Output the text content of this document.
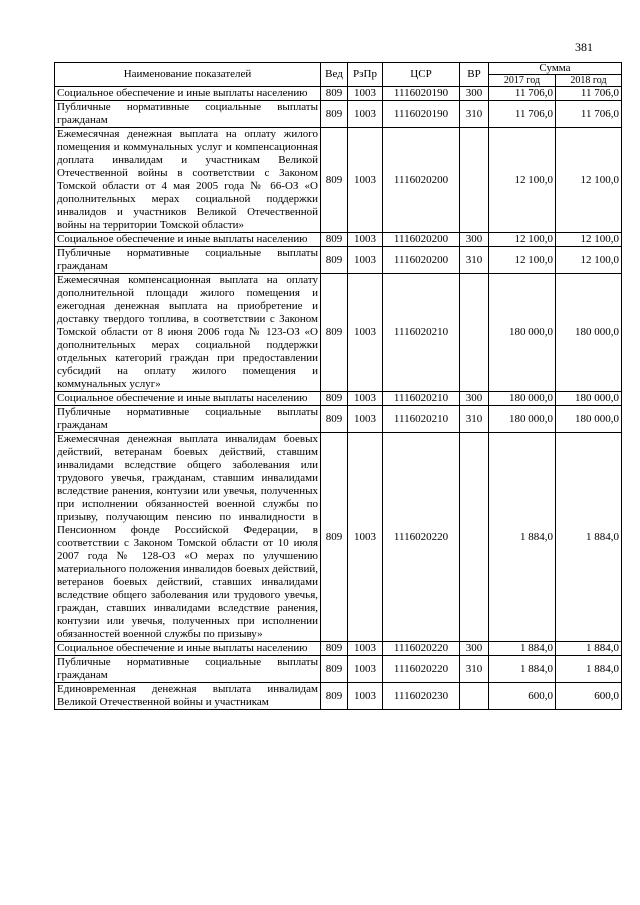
381
Наименование показателей	Вед	РзПр	ЦСР	ВР	Сумма	
					2017 год	2018 год
Социальное обеспечение и иные выплаты населению	809	1003	1116020190	300	11 706,0	11 706,0
Публичные нормативные социальные выплаты гражданам	809	1003	1116020190	310	11 706,0	11 706,0
Ежемесячная денежная выплата на оплату жилого помещения и коммунальных услуг и компенсационная доплата инвалидам и участникам Великой Отечественной войны в соответствии с Законом Томской области от 4 мая 2005 года № 66-ОЗ «О дополнительных мерах социальной поддержки инвалидов и участников Великой Отечественной войны на территории Томской области»	809	1003	1116020200		12 100,0	12 100,0
Социальное обеспечение и иные выплаты населению	809	1003	1116020200	300	12 100,0	12 100,0
Публичные нормативные социальные выплаты гражданам	809	1003	1116020200	310	12 100,0	12 100,0
Ежемесячная компенсационная выплата на оплату дополнительной площади жилого помещения и ежегодная денежная выплата на приобретение и доставку твердого топлива, в соответствии с Законом Томской области от 8 июня 2006 года № 123-ОЗ «О дополнительных мерах социальной поддержки отдельных категорий граждан при предоставлении субсидий на оплату жилого помещения и коммунальных услуг»	809	1003	1116020210		180 000,0	180 000,0
Социальное обеспечение и иные выплаты населению	809	1003	1116020210	300	180 000,0	180 000,0
Публичные нормативные социальные выплаты гражданам	809	1003	1116020210	310	180 000,0	180 000,0
Ежемесячная денежная выплата инвалидам боевых действий, ветеранам боевых действий, ставшим инвалидами вследствие общего заболевания или трудового увечья, гражданам, ставшим инвалидами вследствие ранения, контузии или увечья, полученных при исполнении обязанностей военной службы по призыву, получающим пенсию по инвалидности в Пенсионном фонде Российской Федерации, в соответствии с Законом Томской области от 10 июля 2007 года № 128-ОЗ «О мерах по улучшению материального положения инвалидов боевых действий, ветеранов боевых действий, ставших инвалидами вследствие общего заболевания или трудового увечья, граждан, ставших инвалидами вследствие ранения, контузии или увечья, полученных при исполнении обязанностей военной службы по призыву»	809	1003	1116020220		1 884,0	1 884,0
Социальное обеспечение и иные выплаты населению	809	1003	1116020220	300	1 884,0	1 884,0
Публичные нормативные социальные выплаты гражданам	809	1003	1116020220	310	1 884,0	1 884,0
Единовременная денежная выплата инвалидам Великой Отечественной войны и участникам	809	1003	1116020230		600,0	600,0
